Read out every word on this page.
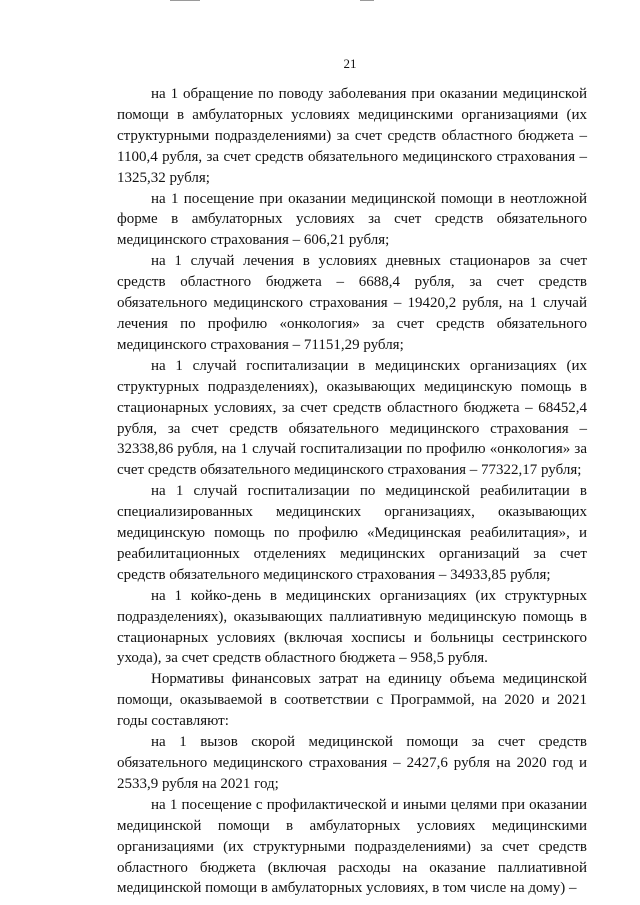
21

на 1 обращение по поводу заболевания при оказании медицинской помощи в амбулаторных условиях медицинскими организациями (их структурными подразделениями) за счет средств областного бюджета – 1100,4 рубля, за счет средств обязательного медицинского страхования – 1325,32 рубля;

на 1 посещение при оказании медицинской помощи в неотложной форме в амбулаторных условиях за счет средств обязательного медицинского страхования – 606,21 рубля;

на 1 случай лечения в условиях дневных стационаров за счет средств областного бюджета – 6688,4 рубля, за счет средств обязательного медицинского страхования – 19420,2 рубля, на 1 случай лечения по профилю «онкология» за счет средств обязательного медицинского страхования – 71151,29 рубля;

на 1 случай госпитализации в медицинских организациях (их структурных подразделениях), оказывающих медицинскую помощь в стационарных условиях, за счет средств областного бюджета – 68452,4 рубля, за счет средств обязательного медицинского страхования – 32338,86 рубля, на 1 случай госпитализации по профилю «онкология» за счет средств обязательного медицинского страхования – 77322,17 рубля;

на 1 случай госпитализации по медицинской реабилитации в специализированных медицинских организациях, оказывающих медицинскую помощь по профилю «Медицинская реабилитация», и реабилитационных отделениях медицинских организаций за счет средств обязательного медицинского страхования – 34933,85 рубля;

на 1 койко-день в медицинских организациях (их структурных подразделениях), оказывающих паллиативную медицинскую помощь в стационарных условиях (включая хосписы и больницы сестринского ухода), за счет средств областного бюджета – 958,5 рубля.

Нормативы финансовых затрат на единицу объема медицинской помощи, оказываемой в соответствии с Программой, на 2020 и 2021 годы составляют:

на 1 вызов скорой медицинской помощи за счет средств обязательного медицинского страхования – 2427,6 рубля на 2020 год и 2533,9 рубля на 2021 год;

на 1 посещение с профилактической и иными целями при оказании медицинской помощи в амбулаторных условиях медицинскими организациями (их структурными подразделениями) за счет средств областного бюджета (включая расходы на оказание паллиативной медицинской помощи в амбулаторных условиях, в том числе на дому) –
